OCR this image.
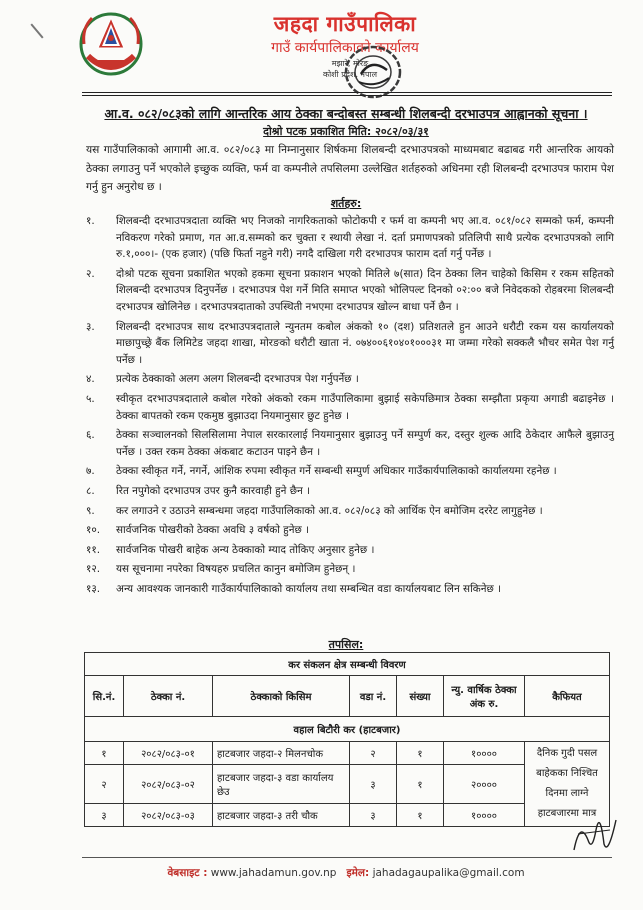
जहदा गाउँपालिका
गाउँ कार्यपालिकाको कार्यालय
मझारे, मोरङ
कोशी प्रदेश, नेपाल
आ.व. ०८२/०८३को लागि आन्तरिक आय ठेक्का बन्दोबस्त सम्बन्धी शिलबन्दी दरभाउपत्र आह्वानको सूचना ।
दोश्रो पटक प्रकाशित मिति: २०८२/०३/३१
यस गाउँपालिकाको आगामी आ.व. ०८२/०८३ मा निम्नानुसार शिर्षकमा शिलबन्दी दरभाउपत्रको माध्यमबाट बढाबढ गरी आन्तरिक आयको ठेक्का लगाउनु पर्ने भएकोले इच्छुक व्यक्ति, फर्म वा कम्पनीले तपसिलमा उल्लेखित शर्तहरुको अधिनमा रही शिलबन्दी दरभाउपत्र फाराम पेश गर्नु हुन अनुरोध छ ।
शर्तहरु:
१.	शिलबन्दी दरभाउपत्रदाता व्यक्ति भए निजको नागरिकताको फोटोकपी र फर्म वा कम्पनी भए आ.व. ०८१/०८२ सम्मको फर्म, कम्पनी नविकरण गरेको प्रमाण, गत आ.व.सम्मको कर चुक्ता र स्थायी लेखा नं. दर्ता प्रमाणपत्रको प्रतिलिपी साथै प्रत्येक दरभाउपत्रको लागि रु.१,०००।- (एक हजार) (पछि फिर्ता नहुने गरी) नगदै दाखिला गरी दरभाउपत्र फाराम दर्ता गर्नु पर्नेछ ।
२.	दोश्रो पटक सूचना प्रकाशित भएको हकमा सूचना प्रकाशन भएको मितिले ७(सात) दिन ठेक्का लिन चाहेको किसिम र रकम सहितको शिलबन्दी दरभाउपत्र दिनुपर्नेछ । दरभाउपत्र पेश गर्ने मिति समाप्त भएको भोलिपल्ट दिनको ०२:०० बजे निवेदकको रोहबरमा शिलबन्दी दरभाउपत्र खोलिनेछ । दरभाउपत्रदाताको उपस्थिती नभएमा दरभाउपत्र खोल्न बाधा पर्ने छैन ।
३.	शिलबन्दी दरभाउपत्र साथ दरभाउपत्रदाताले न्युनतम कबोल अंकको १० (दश) प्रतिशतले हुन आउने धरौटी रकम यस कार्यालयको माछापुच्छ्रे बैंक लिमिटेड जहदा शाखा, मोरङको धरौटी खाता नं. ०७४००६१०४०१०००३१ मा जम्मा गरेको सक्कलै भौचर समेत पेश गर्नु पर्नेछ ।
४.	प्रत्येक ठेक्काको अलग अलग शिलबन्दी दरभाउपत्र पेश गर्नुपर्नेछ ।
५.	स्वीकृत दरभाउपत्रदाताले कबोल गरेको अंकको रकम गाउँपालिकामा बुझाई सकेपछिमात्र ठेक्का सम्झौता प्रकृया अगाडी बढाइनेछ । ठेक्का बापतको रकम एकमुष्ठ बुझाउदा नियमानुसार छुट हुनेछ ।
६.	ठेक्का सञ्चालनको सिलसिलामा नेपाल सरकारलाई नियमानुसार बुझाउनु पर्ने सम्पुर्ण कर, दस्तुर शुल्क आदि ठेकेदार आफैले बुझाउनु पर्नेछ । उक्त रकम ठेक्का अंकबाट कटाउन पाइने छैन ।
७.	ठेक्का स्वीकृत गर्ने, नगर्ने, आंशिक रुपमा स्वीकृत गर्ने सम्बन्धी सम्पुर्ण अधिकार गाउँकार्यपालिकाको कार्यालयमा रहनेछ ।
८.	रित नपुगेको दरभाउपत्र उपर कुनै कारवाही हुने छैन ।
९.	कर लगाउने र उठाउने सम्बन्धमा जहदा गाउँपालिकाको आ.व. ०८२/०८३ को आर्थिक ऐन बमोजिम दररेट लागुहुनेछ ।
१०.	सार्वजनिक पोखरीको ठेक्का अवधि ३ वर्षको हुनेछ ।
११.	सार्वजनिक पोखरी बाहेक अन्य ठेक्काको म्याद तोकिए अनुसार हुनेछ ।
१२.	यस सूचनामा नपरेका विषयहरु प्रचलित कानुन बमोजिम हुनेछन् ।
१३.	अन्य आवश्यक जानकारी गाउँकार्यपालिकाको कार्यालय तथा सम्बन्धित वडा कार्यालयबाट लिन सकिनेछ ।
तपसिल:
कर संकलन क्षेत्र सम्बन्धी विवरण						
सि.नं.	ठेक्का नं.	ठेक्काको किसिम	वडा नं.	संख्या	न्यु. वार्षिक ठेक्का अंक रु.	कैफियत
वहाल बिटौरी कर (हाटबजार)						
१	२०८२/०८३-०१	हाटबजार जहदा-२ मिलनचोक	२	१	१००००	दैनिक गुदी पसल बाहेकका निश्चित दिनमा लाग्ने हाटबजारमा मात्र
२	२०८२/०८३-०२	हाटबजार जहदा-३ वडा कार्यालय छेउ	३	१	२००००	
३	२०८२/०८३-०३	हाटबजार जहदा-३ तरी चौक	३	१	१००००	
वेबसाइट : www.jahadamun.gov.np इमेल: jahadagaupalika@gmail.com
